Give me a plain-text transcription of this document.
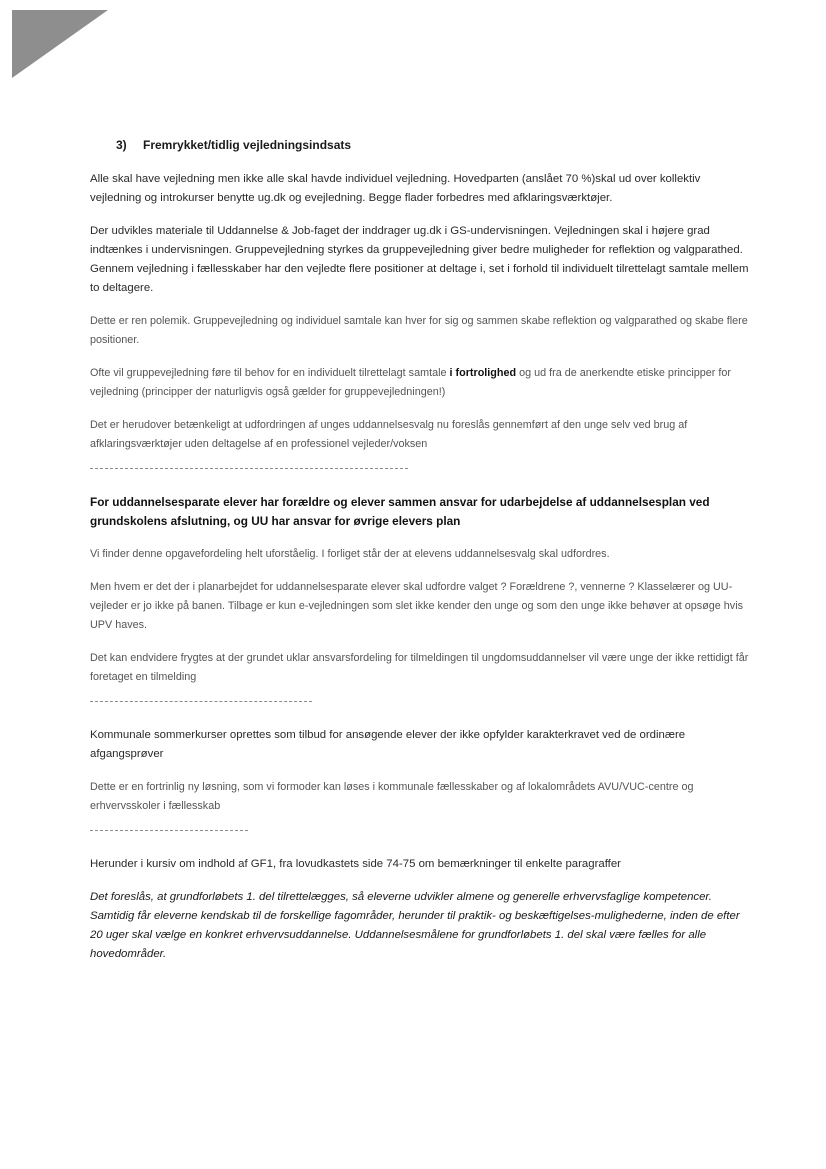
3) Fremrykket/tidlig vejledningsindsats

Alle skal have vejledning men ikke alle skal havde individuel vejledning. Hovedparten (anslået 70 %)skal ud over kollektiv vejledning og introkurser benytte ug.dk og evejledning. Begge flader forbedres med afklaringsværktøjer.

Der udvikles materiale til Uddannelse & Job-faget der inddrager ug.dk i GS-undervisningen. Vejledningen skal i højere grad indtænkes i undervisningen. Gruppevejledning styrkes da gruppevejledning giver bedre muligheder for reflektion og valgparathed. Gennem vejledning i fællesskaber har den vejledte flere positioner at deltage i, set i forhold til individuelt tilrettelagt samtale mellem to deltagere.

Dette er ren polemik. Gruppevejledning og individuel samtale kan hver for sig og sammen skabe reflektion og valgparathed og skabe flere positioner.

Ofte vil gruppevejledning føre til behov for en individuelt tilrettelagt samtale i fortrolighed og ud fra de anerkendte etiske principper for vejledning (principper der naturligvis også gælder for gruppevejledningen!)

Det er herudover betænkeligt at udfordringen af unges uddannelsesvalg nu foreslås gennemført af den unge selv ved brug af afklaringsværktøjer uden deltagelse af en professionel vejleder/voksen

For uddannelsesparate elever har forældre og elever sammen ansvar for udarbejdelse af uddannelsesplan ved grundskolens afslutning, og UU har ansvar for øvrige elevers plan

Vi finder denne opgavefordeling helt uforståelig. I forliget står der at elevens uddannelsesvalg skal udfordres.

Men hvem er det der i planarbejdet for uddannelsesparate elever skal udfordre valget ? Forældrene ?, vennerne ? Klasselærer og UU-vejleder er jo ikke på banen. Tilbage er kun e-vejledningen som slet ikke kender den unge og som den unge ikke behøver at opsøge hvis UPV haves.

Det kan endvidere frygtes at der grundet uklar ansvarsfordeling for tilmeldingen til ungdomsuddannelser vil være unge der ikke rettidigt får foretaget en tilmelding

Kommunale sommerkurser oprettes som tilbud for ansøgende elever der ikke opfylder karakterkravet ved de ordinære afgangsprøver

Dette er en fortrinlig ny løsning, som vi formoder kan løses i kommunale fællesskaber og af lokalområdets AVU/VUC-centre og erhvervsskoler i fællesskab

Herunder i kursiv om indhold af GF1, fra lovudkastets side 74-75 om bemærkninger til enkelte paragraffer

Det foreslås, at grundforløbets 1. del tilrettelægges, så eleverne udvikler almene og generelle erhvervsfaglige kompetencer. Samtidig får eleverne kendskab til de forskellige fagområder, herunder til praktik- og beskæftigelses-mulighederne, inden de efter 20 uger skal vælge en konkret erhvervsuddannelse. Uddannelsesmålene for grundforløbets 1. del skal være fælles for alle hovedområder.
